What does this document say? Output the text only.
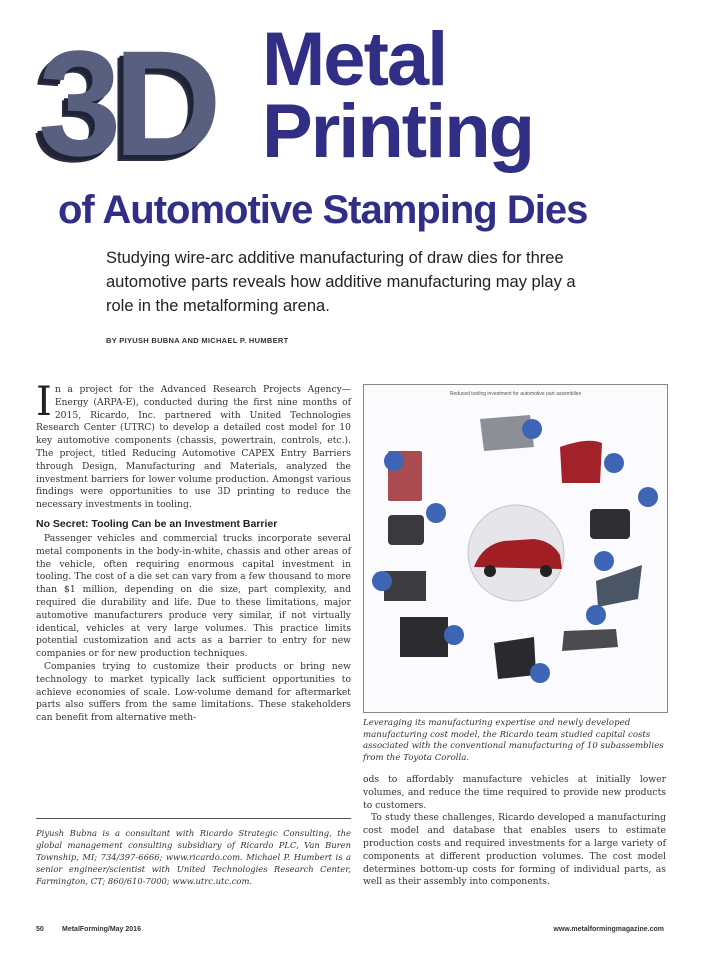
3D Metal
Printing
of Automotive Stamping Dies
Studying wire-arc additive manufacturing of draw dies for three automotive parts reveals how additive manufacturing may play a role in the metalforming arena.
BY PIYUSH BUBNA AND MICHAEL P. HUMBERT

I n a project for the Advanced Research Projects Agency—Energy (ARPA-E), conducted during the first nine months of 2015, Ricardo, Inc. partnered with United Technologies Research Center (UTRC) to develop a detailed cost model for 10 key automotive components (chassis, powertrain, controls, etc.). The project, titled Reducing Automotive CAPEX Entry Barriers through Design, Manufacturing and Materials, analyzed the investment barriers for lower volume production. Amongst various findings were opportunities to use 3D printing to reduce the necessary investments in tooling.

No Secret: Tooling Can be an Investment Barrier

Passenger vehicles and commercial trucks incorporate several metal components in the body-in-white, chassis and other areas of the vehicle, often requiring enormous capital investment in tooling. The cost of a die set can vary from a few thousand to more than $1 million, depending on die size, part complexity, and required die durability and life. Due to these limitations, major automotive manufacturers produce very similar, if not virtually identical, vehicles at very large volumes. This practice limits potential customization and acts as a barrier to entry for new companies or for new production techniques.

Companies trying to customize their products or bring new technology to market typically lack sufficient opportunities to achieve economies of scale. Low-volume demand for aftermarket parts also suffers from the same limitations. These stakeholders can benefit from alternative meth-

Piyush Bubna is a consultant with Ricardo Strategic Consulting, the global management consulting subsidiary of Ricardo PLC, Van Buren Township, MI; 734/397-6666; www.ricardo.com. Michael P. Humbert is a senior engineer/scientist with United Technologies Research Center, Farmington, CT; 860/610-7000; www.utrc.utc.com.
Reduced tooling investment for automotive part assemblies
Leveraging its manufacturing expertise and newly developed manufacturing cost model, the Ricardo team studied capital costs associated with the conventional manufacturing of 10 subassemblies from the Toyota Corolla.

ods to affordably manufacture vehicles at initially lower volumes, and reduce the time required to provide new products to customers.

To study these challenges, Ricardo developed a manufacturing cost model and database that enables users to estimate production costs and required investments for a large variety of components at different production volumes. The cost model determines bottom-up costs for forming of individual parts, as well as their assembly into components.

50	MetalForming/May 2016	www.metalformingmagazine.com
